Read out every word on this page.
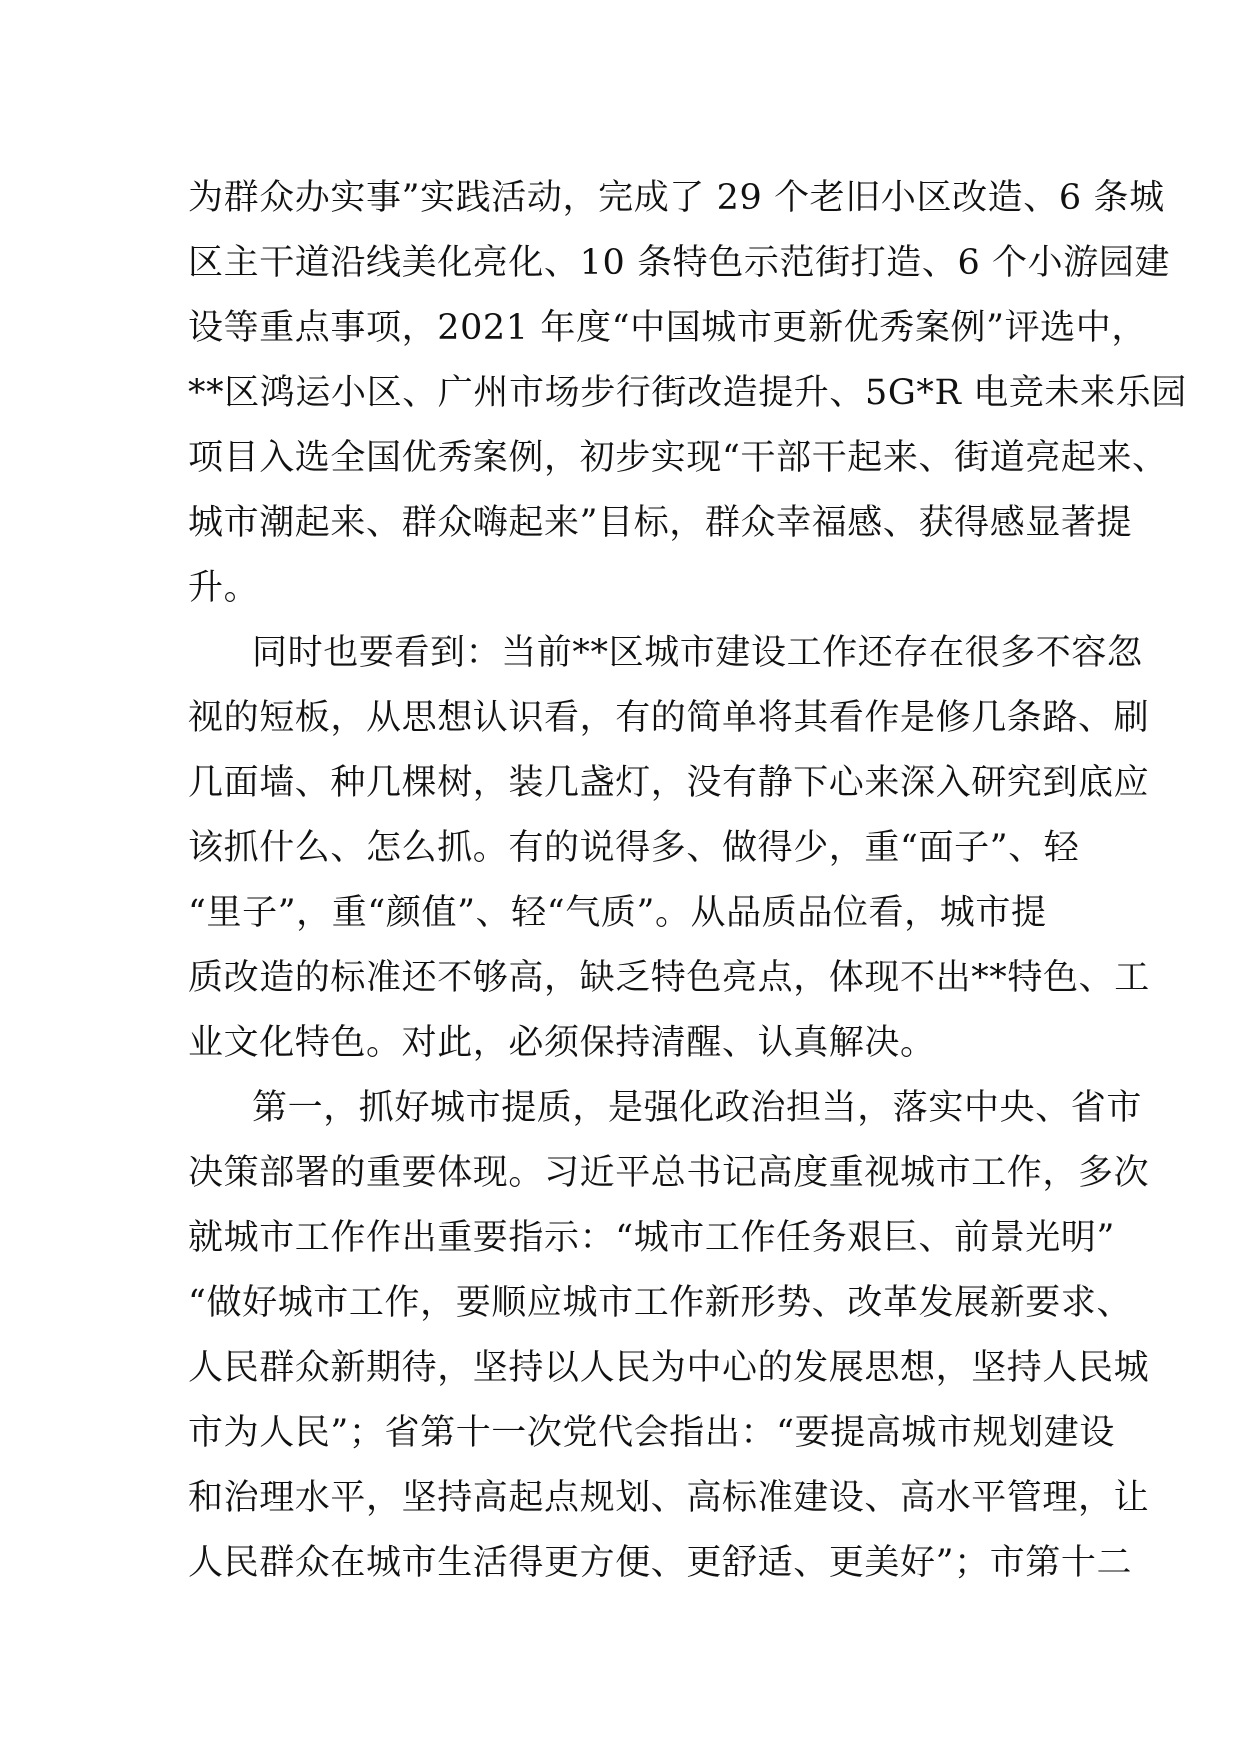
为群众办实事”实践活动，完成了 29 个老旧小区改造、6 条城
区主干道沿线美化亮化、10 条特色示范街打造、6 个小游园建
设等重点事项，2021 年度“中国城市更新优秀案例”评选中，
**区鸿运小区、广州市场步行街改造提升、5G*R 电竞未来乐园
项目入选全国优秀案例，初步实现“干部干起来、街道亮起来、
城市潮起来、群众嗨起来”目标，群众幸福感、获得感显著提
升。
同时也要看到：当前**区城市建设工作还存在很多不容忽
视的短板，从思想认识看，有的简单将其看作是修几条路、刷
几面墙、种几棵树，装几盏灯，没有静下心来深入研究到底应
该抓什么、怎么抓。有的说得多、做得少，重“面子”、轻
“里子”，重“颜值”、轻“气质”。从品质品位看，城市提
质改造的标准还不够高，缺乏特色亮点，体现不出**特色、工
业文化特色。对此，必须保持清醒、认真解决。
第一，抓好城市提质，是强化政治担当，落实中央、省市
决策部署的重要体现。习近平总书记高度重视城市工作，多次
就城市工作作出重要指示：“城市工作任务艰巨、前景光明”
“做好城市工作，要顺应城市工作新形势、改革发展新要求、
人民群众新期待，坚持以人民为中心的发展思想，坚持人民城
市为人民”；省第十一次党代会指出：“要提高城市规划建设
和治理水平，坚持高起点规划、高标准建设、高水平管理，让
人民群众在城市生活得更方便、更舒适、更美好”；市第十二
